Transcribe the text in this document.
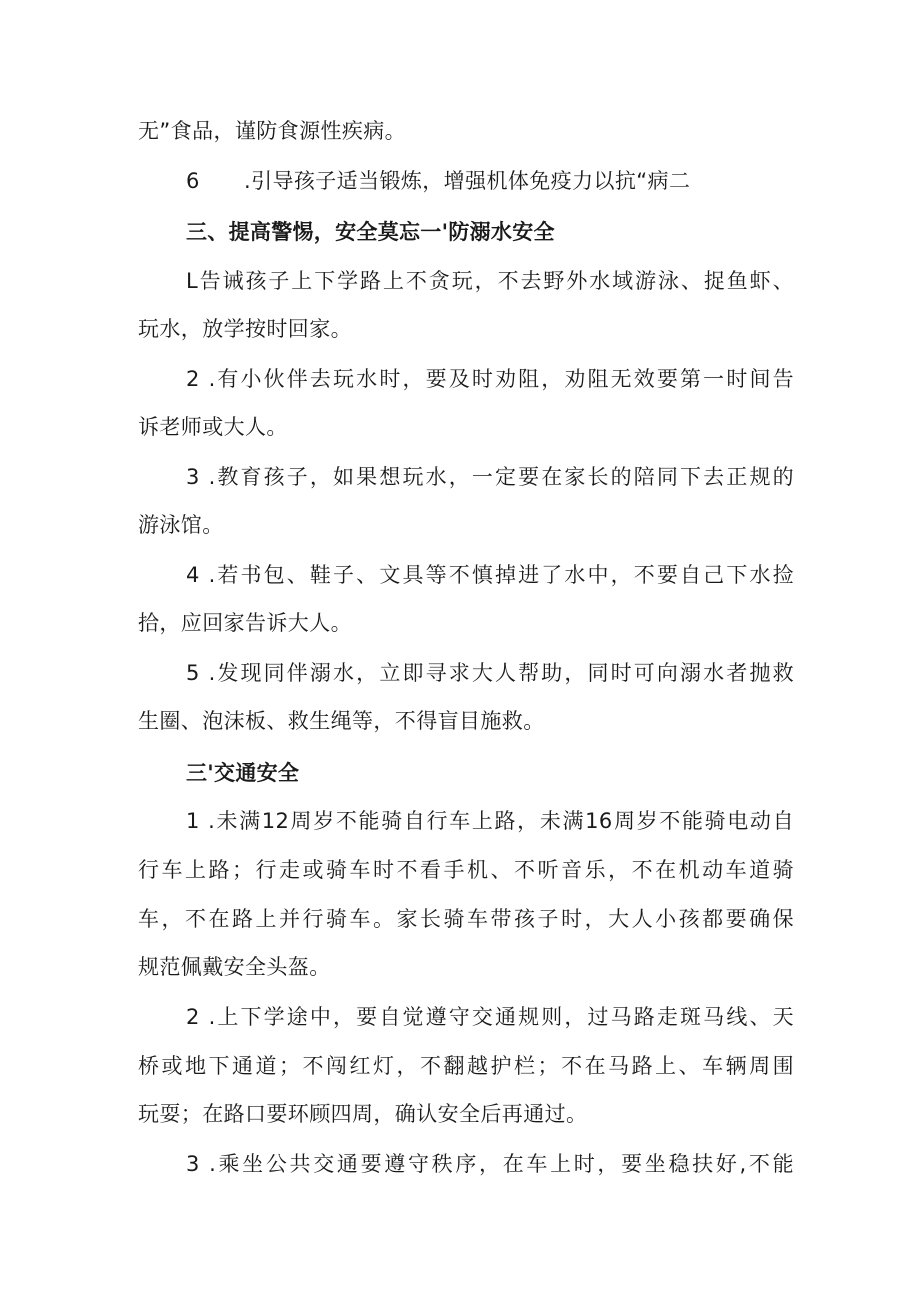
无”食品，谨防食源性疾病。
6 .引导孩子适当锻炼，增强机体免疫力以抗“病二
三、提高警惕，安全莫忘一'防溺水安全
L告诫孩子上下学路上不贪玩，不去野外水域游泳、捉鱼虾、
玩水，放学按时回家。
2 .有小伙伴去玩水时，要及时劝阻，劝阻无效要第一时间告
诉老师或大人。
3 .教育孩子，如果想玩水，一定要在家长的陪同下去正规的
游泳馆。
4 .若书包、鞋子、文具等不慎掉进了水中，不要自己下水捡
拾，应回家告诉大人。
5 .发现同伴溺水，立即寻求大人帮助，同时可向溺水者抛救
生圈、泡沫板、救生绳等，不得盲目施救。
三'交通安全
1 .未满12周岁不能骑自行车上路，未满16周岁不能骑电动自
行车上路；行走或骑车时不看手机、不听音乐，不在机动车道骑
车，不在路上并行骑车。家长骑车带孩子时，大人小孩都要确保
规范佩戴安全头盔。
2 .上下学途中，要自觉遵守交通规则，过马路走斑马线、天
桥或地下通道；不闯红灯，不翻越护栏；不在马路上、车辆周围
玩耍；在路口要环顾四周，确认安全后再通过。
3 .乘坐公共交通要遵守秩序，在车上时，要坐稳扶好,不能
